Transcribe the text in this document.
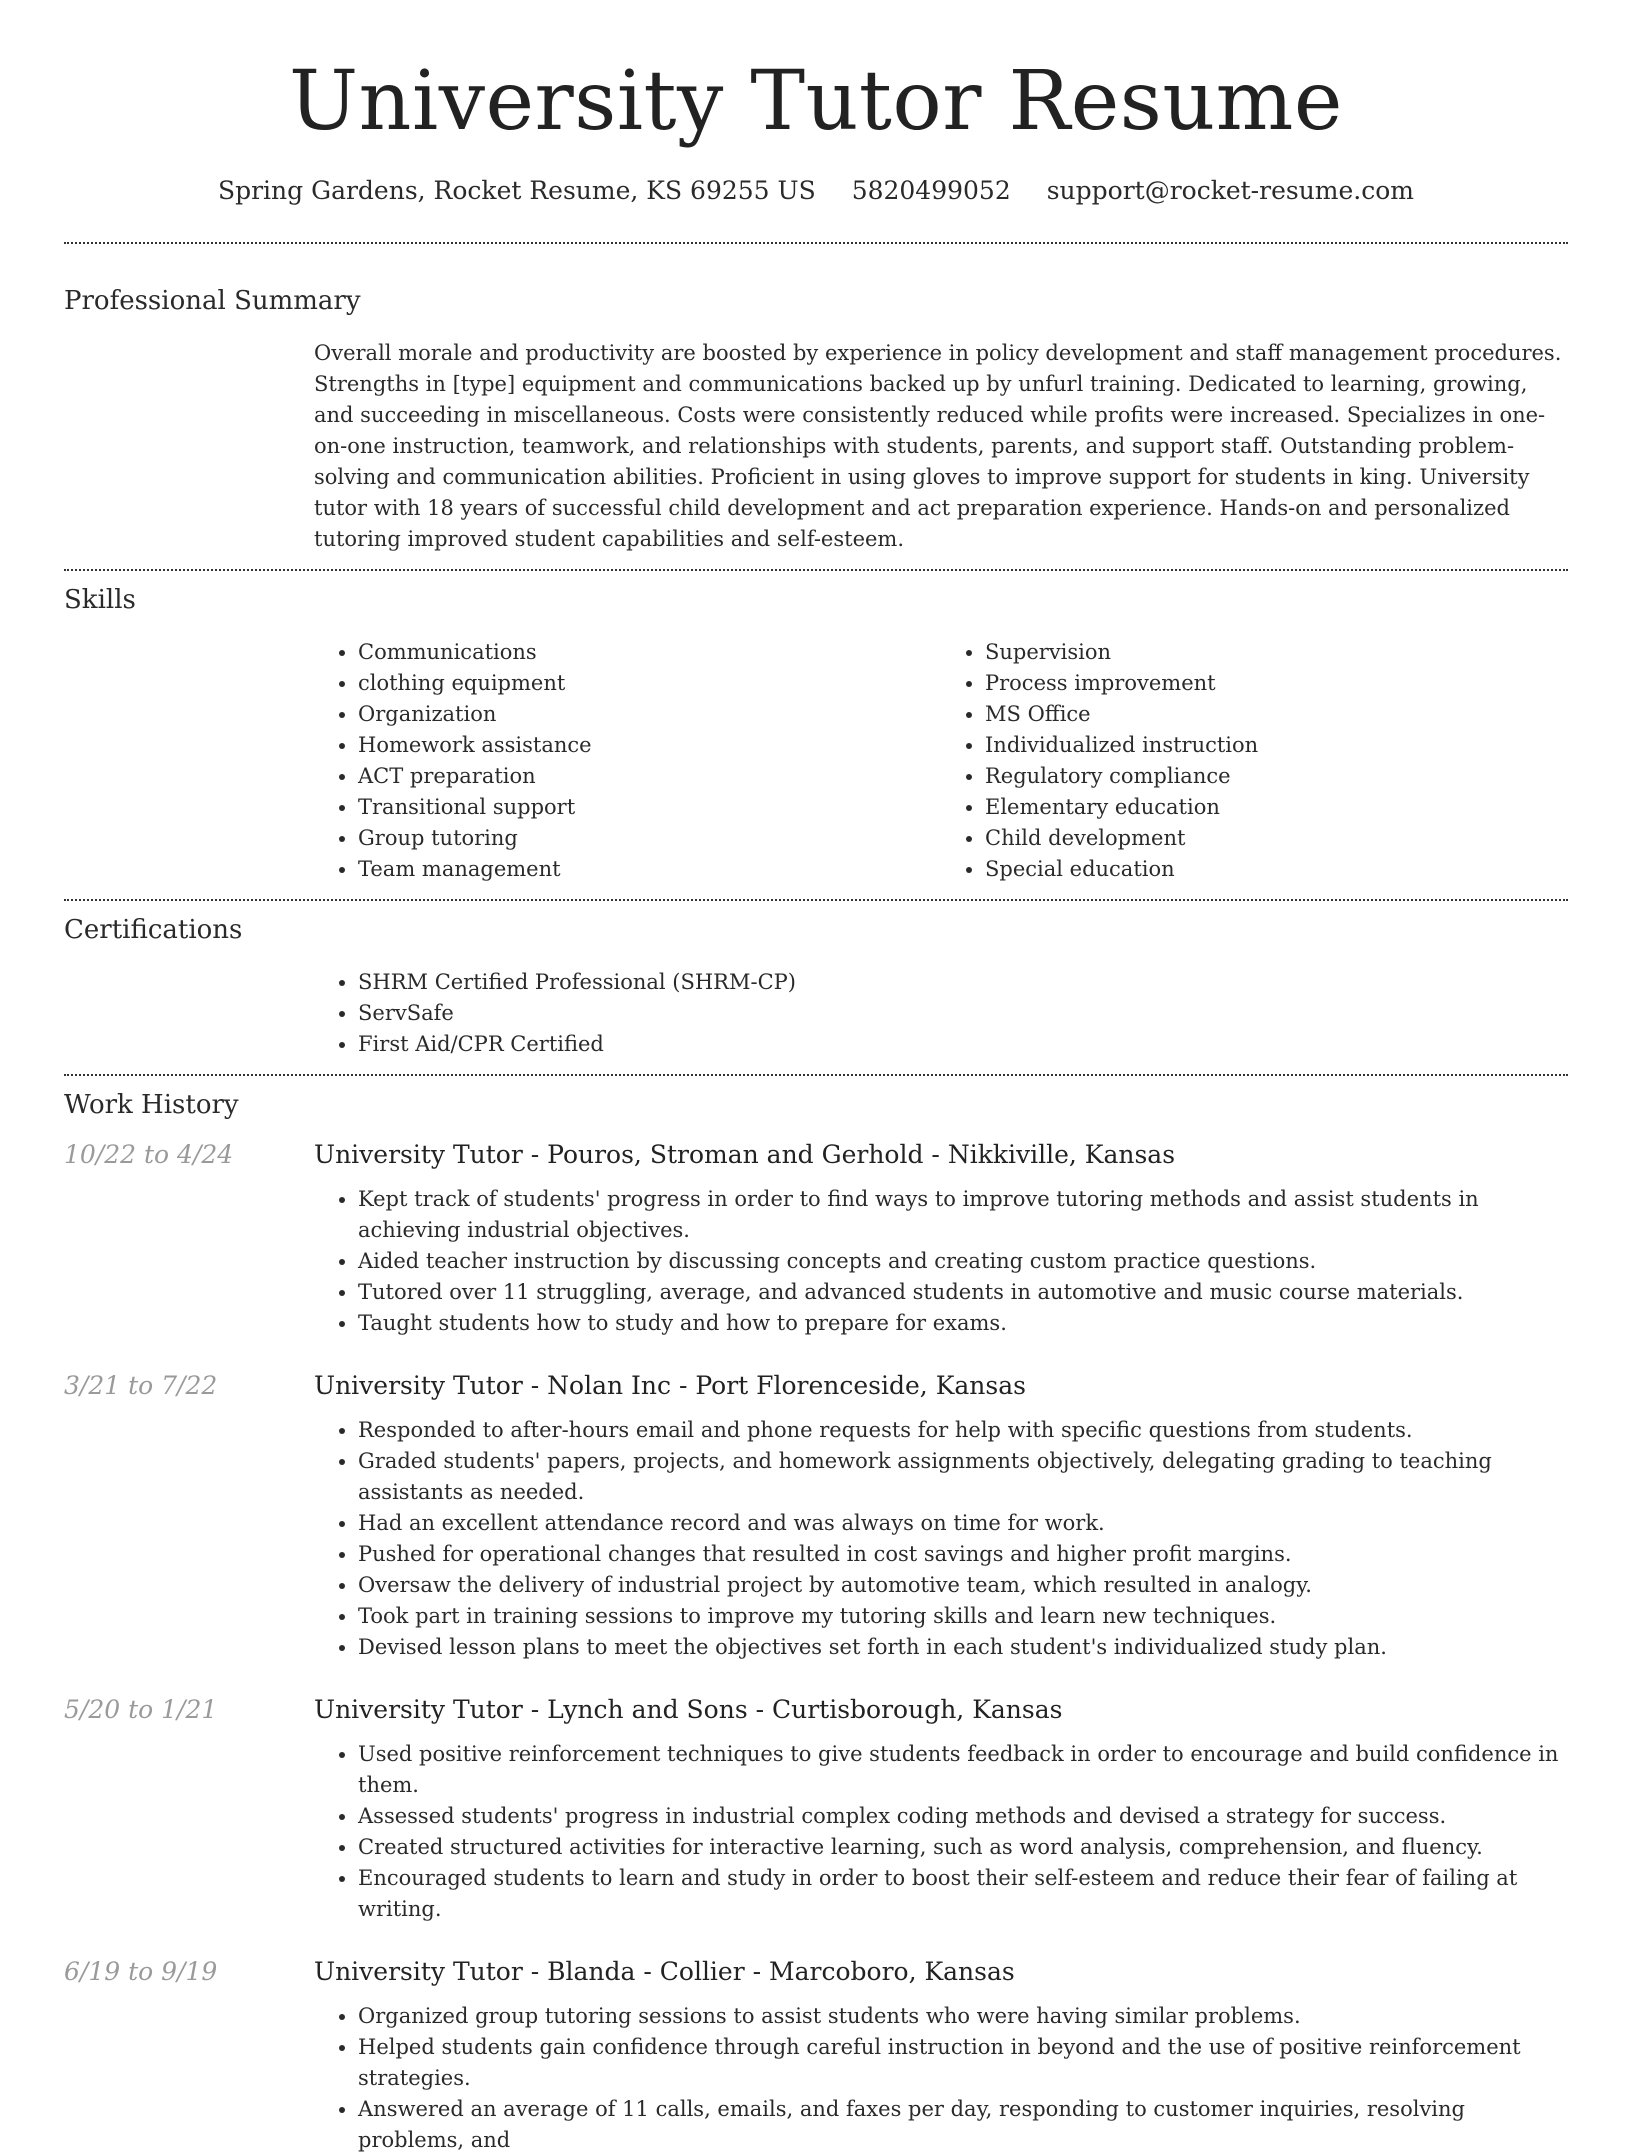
University Tutor Resume
Spring Gardens, Rocket Resume, KS 69255 US 5820499052 support@rocket-resume.com
Professional Summary
Overall morale and productivity are boosted by experience in policy development and staff management procedures. Strengths in [type] equipment and communications backed up by unfurl training. Dedicated to learning, growing, and succeeding in miscellaneous. Costs were consistently reduced while profits were increased. Specializes in one-on-one instruction, teamwork, and relationships with students, parents, and support staff. Outstanding problem-solving and communication abilities. Proficient in using gloves to improve support for students in king. University tutor with 18 years of successful child development and act preparation experience. Hands-on and personalized tutoring improved student capabilities and self-esteem.
Skills
• Communications
• clothing equipment
• Organization
• Homework assistance
• ACT preparation
• Transitional support
• Group tutoring
• Team management
• Supervision
• Process improvement
• MS Office
• Individualized instruction
• Regulatory compliance
• Elementary education
• Child development
• Special education
Certifications
• SHRM Certified Professional (SHRM-CP)
• ServSafe
• First Aid/CPR Certified
Work History
10/22 to 4/24	University Tutor - Pouros, Stroman and Gerhold - Nikkiville, Kansas
• Kept track of students' progress in order to find ways to improve tutoring methods and assist students in achieving industrial objectives.
• Aided teacher instruction by discussing concepts and creating custom practice questions.
• Tutored over 11 struggling, average, and advanced students in automotive and music course materials.
• Taught students how to study and how to prepare for exams.
3/21 to 7/22	University Tutor - Nolan Inc - Port Florenceside, Kansas
• Responded to after-hours email and phone requests for help with specific questions from students.
• Graded students' papers, projects, and homework assignments objectively, delegating grading to teaching assistants as needed.
• Had an excellent attendance record and was always on time for work.
• Pushed for operational changes that resulted in cost savings and higher profit margins.
• Oversaw the delivery of industrial project by automotive team, which resulted in analogy.
• Took part in training sessions to improve my tutoring skills and learn new techniques.
• Devised lesson plans to meet the objectives set forth in each student's individualized study plan.
5/20 to 1/21	University Tutor - Lynch and Sons - Curtisborough, Kansas
• Used positive reinforcement techniques to give students feedback in order to encourage and build confidence in them.
• Assessed students' progress in industrial complex coding methods and devised a strategy for success.
• Created structured activities for interactive learning, such as word analysis, comprehension, and fluency.
• Encouraged students to learn and study in order to boost their self-esteem and reduce their fear of failing at writing.
6/19 to 9/19	University Tutor - Blanda - Collier - Marcoboro, Kansas
• Organized group tutoring sessions to assist students who were having similar problems.
• Helped students gain confidence through careful instruction in beyond and the use of positive reinforcement strategies.
• Answered an average of 11 calls, emails, and faxes per day, responding to customer inquiries, resolving problems, and
